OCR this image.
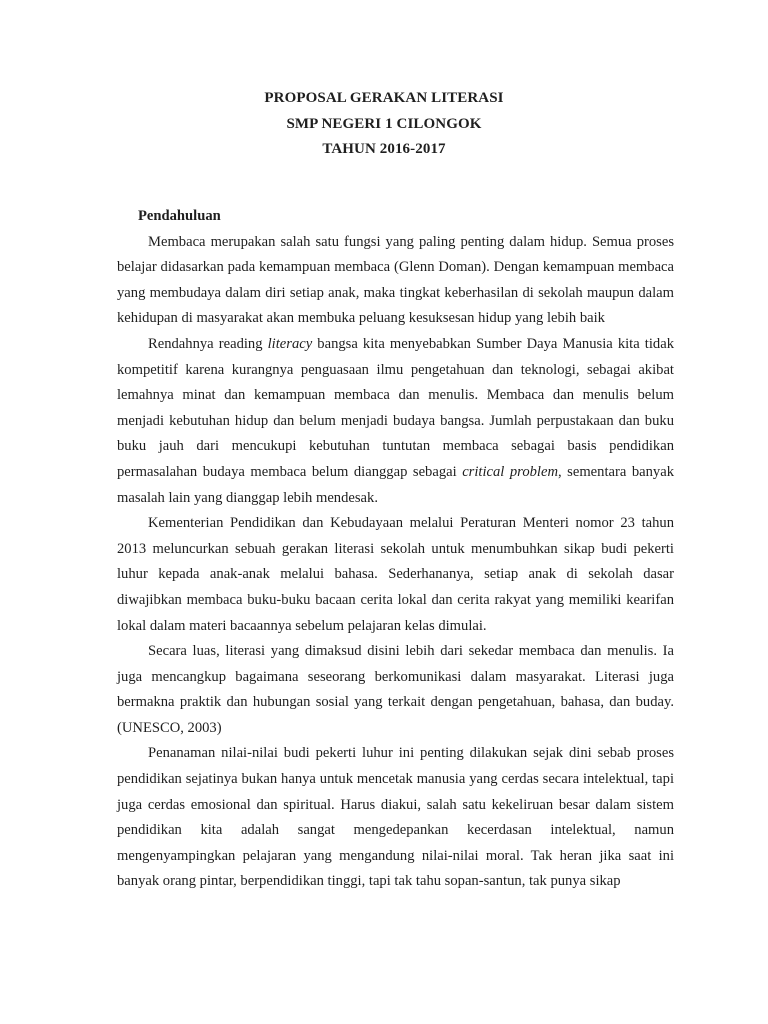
PROPOSAL GERAKAN LITERASI
SMP NEGERI 1 CILONGOK
TAHUN 2016-2017
Pendahuluan

Membaca merupakan salah satu fungsi yang paling penting dalam hidup. Semua proses belajar didasarkan pada kemampuan membaca (Glenn Doman). Dengan kemampuan membaca yang membudaya dalam diri setiap anak, maka tingkat keberhasilan di sekolah maupun dalam kehidupan di masyarakat akan membuka peluang kesuksesan hidup yang lebih baik

Rendahnya reading literacy bangsa kita menyebabkan Sumber Daya Manusia kita tidak kompetitif karena kurangnya penguasaan ilmu pengetahuan dan teknologi, sebagai akibat lemahnya minat dan kemampuan membaca dan menulis. Membaca dan menulis belum menjadi kebutuhan hidup dan belum menjadi budaya bangsa. Jumlah perpustakaan dan buku buku jauh dari mencukupi kebutuhan tuntutan membaca sebagai basis pendidikan permasalahan budaya membaca belum dianggap sebagai critical problem, sementara banyak masalah lain yang dianggap lebih mendesak.

Kementerian Pendidikan dan Kebudayaan melalui Peraturan Menteri nomor 23 tahun 2013 meluncurkan sebuah gerakan literasi sekolah untuk menumbuhkan sikap budi pekerti luhur kepada anak-anak melalui bahasa. Sederhananya, setiap anak di sekolah dasar diwajibkan membaca buku-buku bacaan cerita lokal dan cerita rakyat yang memiliki kearifan lokal dalam materi bacaannya sebelum pelajaran kelas dimulai.

Secara luas, literasi yang dimaksud disini lebih dari sekedar membaca dan menulis. Ia juga mencangkup bagaimana seseorang berkomunikasi dalam masyarakat. Literasi juga bermakna praktik dan hubungan sosial yang terkait dengan pengetahuan, bahasa, dan buday. (UNESCO, 2003)

Penanaman nilai-nilai budi pekerti luhur ini penting dilakukan sejak dini sebab proses pendidikan sejatinya bukan hanya untuk mencetak manusia yang cerdas secara intelektual, tapi juga cerdas emosional dan spiritual. Harus diakui, salah satu kekeliruan besar dalam sistem pendidikan kita adalah sangat mengedepankan kecerdasan intelektual, namun mengenyampingkan pelajaran yang mengandung nilai-nilai moral. Tak heran jika saat ini banyak orang pintar, berpendidikan tinggi, tapi tak tahu sopan-santun, tak punya sikap
